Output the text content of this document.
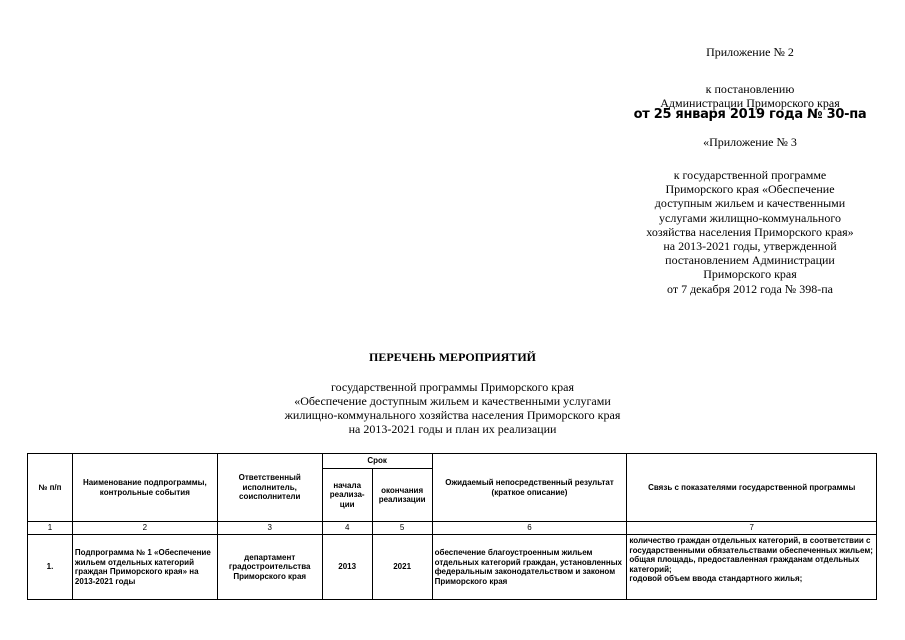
Приложение № 2
к постановлению
Администрации Приморского края
от 25 января 2019 года № 30-па
«Приложение № 3
к государственной программе
Приморского края «Обеспечение
доступным жильем и качественными
услугами жилищно-коммунального
хозяйства населения Приморского края»
на 2013-2021 годы, утвержденной
постановлением Администрации
Приморского края
от 7 декабря 2012 года № 398-па
ПЕРЕЧЕНЬ МЕРОПРИЯТИЙ
государственной программы Приморского края
«Обеспечение доступным жильем и качественными услугами
жилищно-коммунального хозяйства населения Приморского края
на 2013-2021 годы и план их реализации
№ п/п	Наименование подпрограммы, контрольные события	Ответственный исполнитель, соисполнители	Срок		Ожидаемый непосредственный результат (краткое описание)	Связь с показателями государственной программы
			начала реализа-ции	окончания реализации		
1	2	3	4	5	6	7
1.	Подпрограмма № 1 «Обеспечение жильем отдельных категорий граждан Приморского края» на 2013-2021 годы	департамент градостроительства Приморского края	2013	2021	обеспечение благоустроенным жильем отдельных категорий граждан, установленных федеральным законодательством и законом Приморского края	количество граждан отдельных категорий, в соответствии с государственными обязательствами обеспеченных жильем;
общая площадь, предоставленная гражданам отдельных категорий;
годовой объем ввода стандартного жилья;
